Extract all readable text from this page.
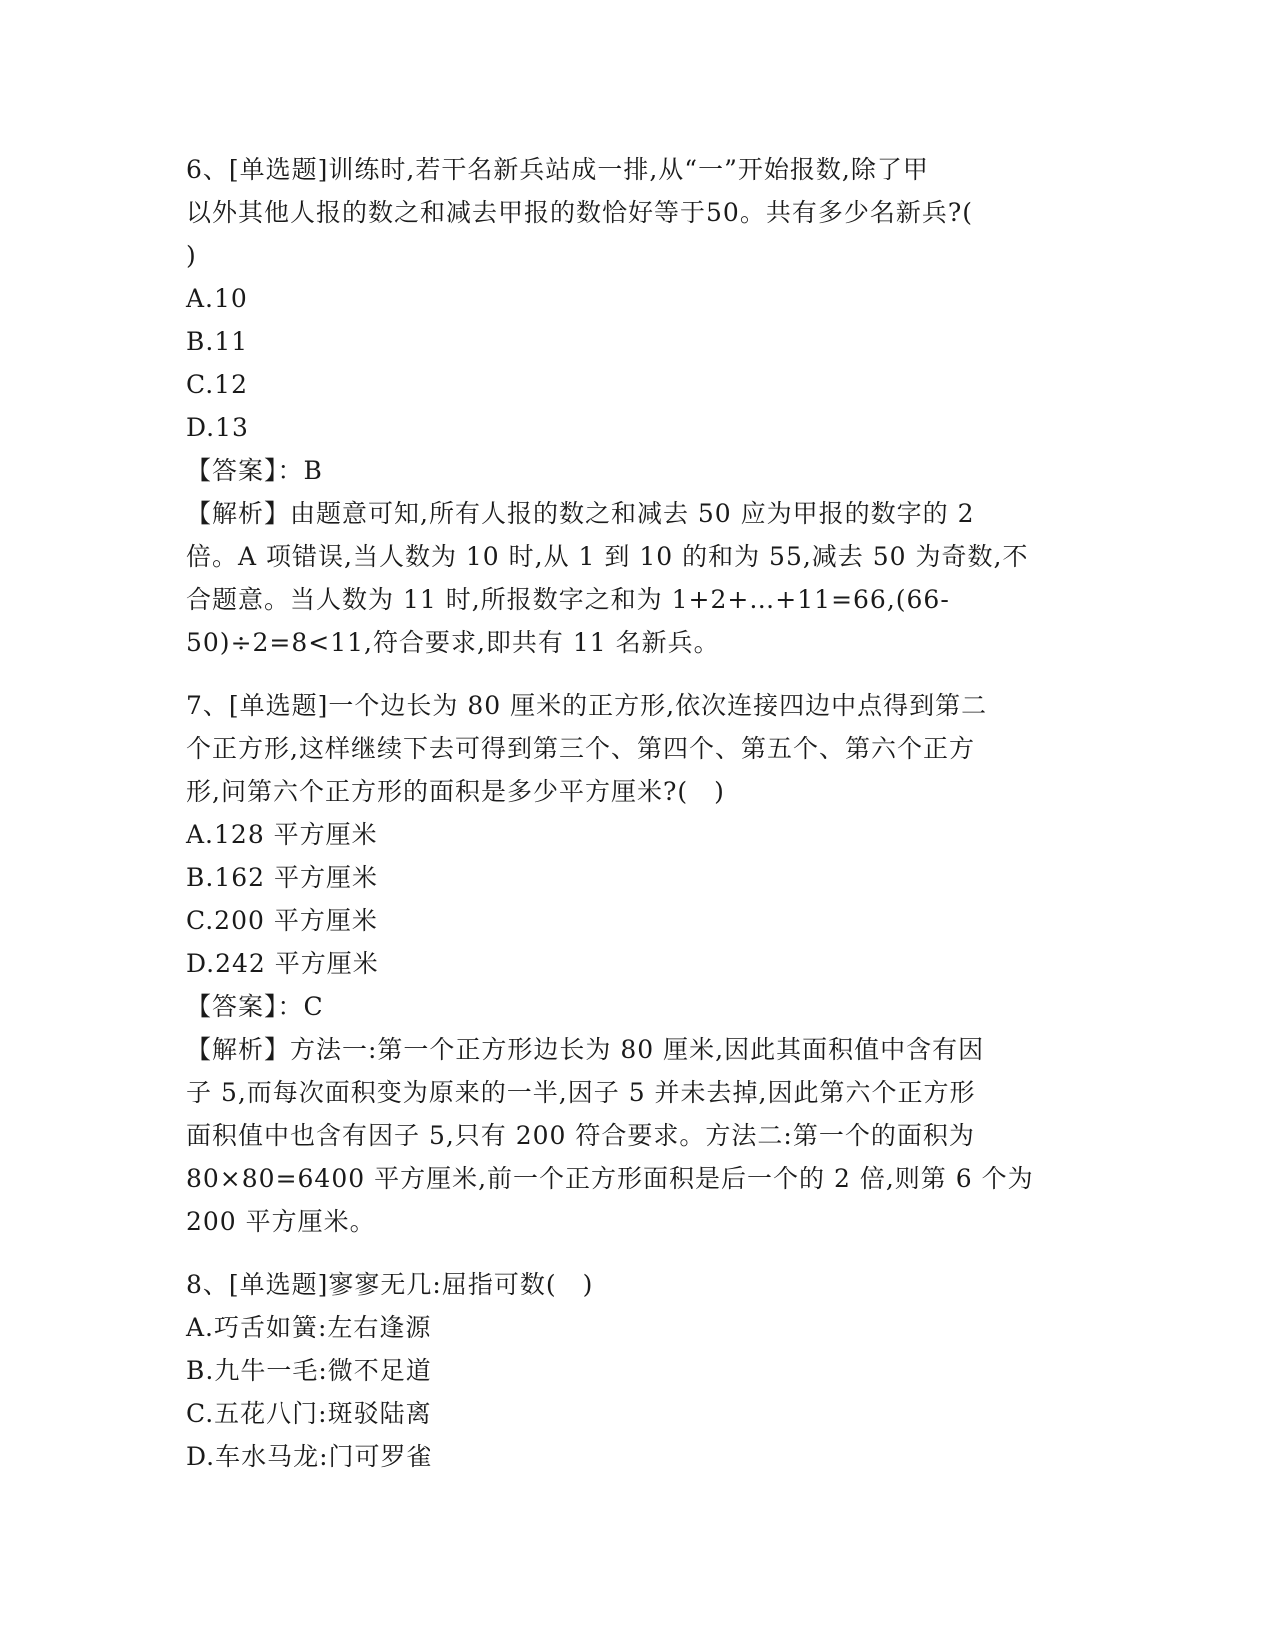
6、[单选题]训练时,若干名新兵站成一排,从“一”开始报数,除了甲
以外其他人报的数之和减去甲报的数恰好等于50。共有多少名新兵?(
)
A.10
B.11
C.12
D.13
【答案】：B
【解析】由题意可知,所有人报的数之和减去 50 应为甲报的数字的 2
倍。A 项错误,当人数为 10 时,从 1 到 10 的和为 55,减去 50 为奇数,不
合题意。当人数为 11 时,所报数字之和为 1+2+…+11=66,(66-
50)÷2=8<11,符合要求,即共有 11 名新兵。
7、[单选题]一个边长为 80 厘米的正方形,依次连接四边中点得到第二
个正方形,这样继续下去可得到第三个、第四个、第五个、第六个正方
形,问第六个正方形的面积是多少平方厘米?(　)
A.128 平方厘米
B.162 平方厘米
C.200 平方厘米
D.242 平方厘米
【答案】：C
【解析】方法一:第一个正方形边长为 80 厘米,因此其面积值中含有因
子 5,而每次面积变为原来的一半,因子 5 并未去掉,因此第六个正方形
面积值中也含有因子 5,只有 200 符合要求。方法二:第一个的面积为
80×80=6400 平方厘米,前一个正方形面积是后一个的 2 倍,则第 6 个为
200 平方厘米。
8、[单选题]寥寥无几:屈指可数(　)
A.巧舌如簧:左右逢源
B.九牛一毛:微不足道
C.五花八门:斑驳陆离
D.车水马龙:门可罗雀
